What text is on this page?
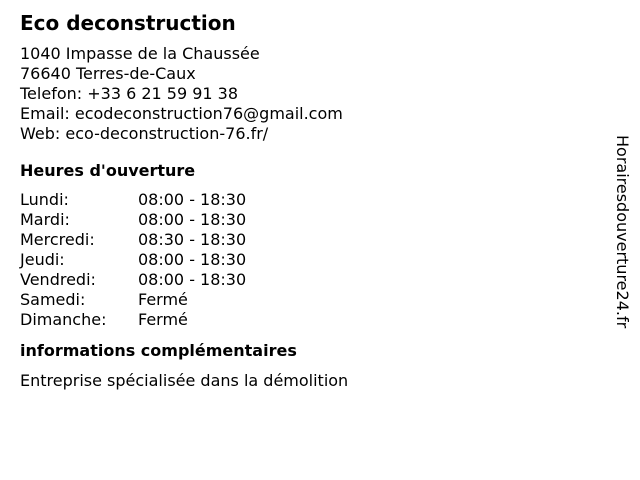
Eco deconstruction
1040 Impasse de la Chaussée
76640 Terres-de-Caux
Telefon: +33 6 21 59 91 38
Email: ecodeconstruction76@gmail.com
Web: eco-deconstruction-76.fr/
Heures d'ouverture
Lundi:	08:00 - 18:30
Mardi:	08:00 - 18:30
Mercredi:	08:30 - 18:30
Jeudi:	08:00 - 18:30
Vendredi:	08:00 - 18:30
Samedi:	Fermé
Dimanche:	Fermé
informations complémentaires
Entreprise spécialisée dans la démolition
Horairesdouverture24.fr
